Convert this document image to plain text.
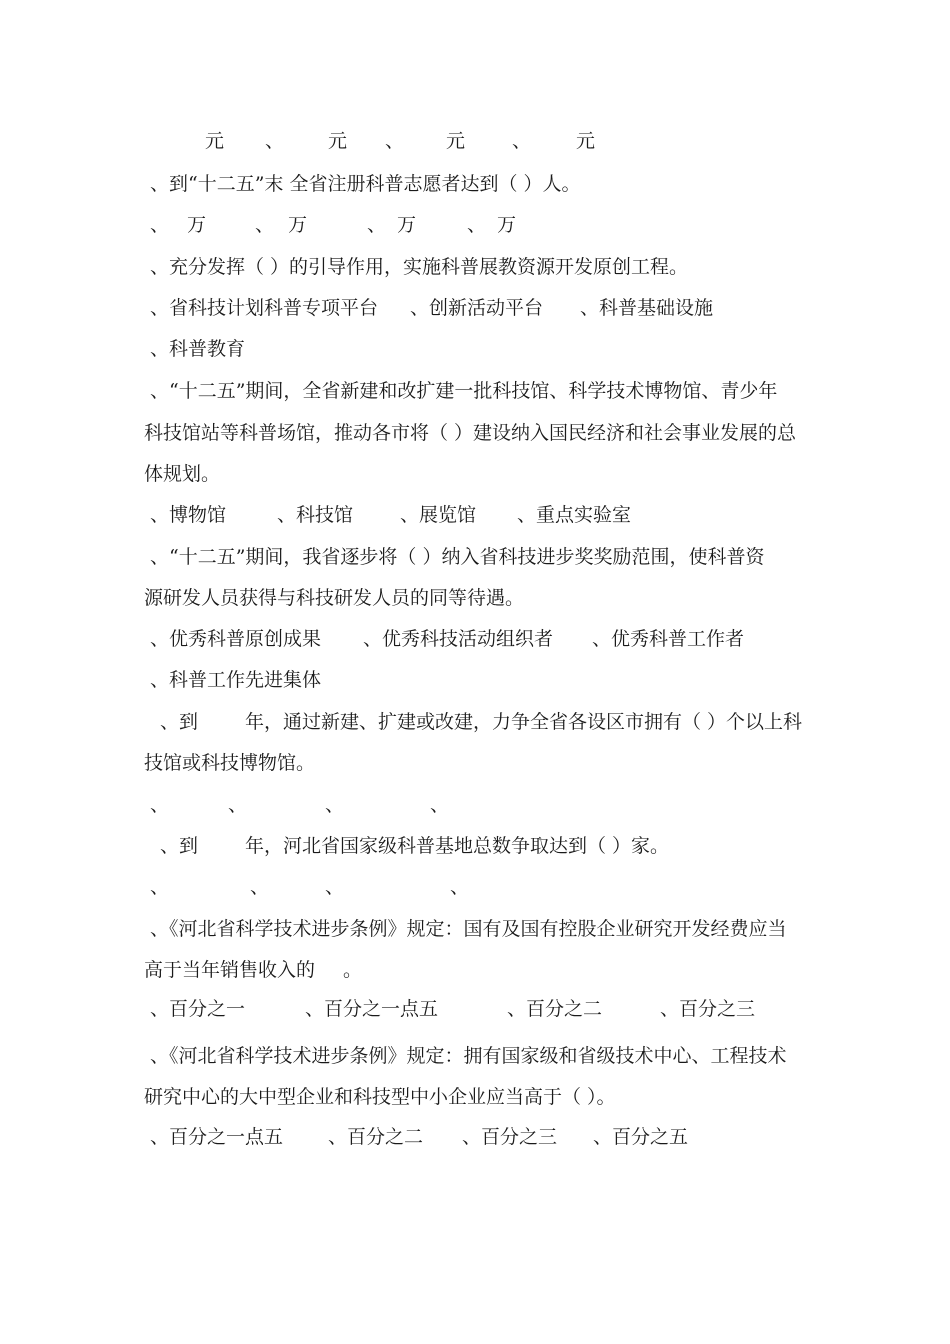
元 、 元 、 元 、 元
、到“十二五”末 全省注册科普志愿者达到（ ）人。
、 万	、 万	、 万	、 万
、充分发挥（ ）的引导作用，实施科普展教资源开发原创工程。
、省科技计划科普专项平台 、创新活动平台 、科普基础设施
、科普教育
、“十二五”期间，全省新建和改扩建一批科技馆、科学技术博物馆、青少年
科技馆站等科普场馆，推动各市将（ ）建设纳入国民经济和社会事业发展的总
体规划。
、博物馆	、科技馆 、展览馆 、重点实验室
、“十二五”期间，我省逐步将（ ）纳入省科技进步奖奖励范围，使科普资
源研发人员获得与科技研发人员的同等待遇。
、优秀科普原创成果 、优秀科技活动组织者 、优秀科普工作者
、科普工作先进集体
、到 年，通过新建、扩建或改建，力争全省各设区市拥有（ ）个以上科
技馆或科技博物馆。
、	、	、	、
、到 年，河北省国家级科普基地总数争取达到（ ）家。
、	、	、	、
、《河北省科学技术进步条例》规定：国有及国有控股企业研究开发经费应当
高于当年销售收入的 。
、百分之一	、百分之一点五	、百分之二	、百分之三
、《河北省科学技术进步条例》规定：拥有国家级和省级技术中心、工程技术
研究中心的大中型企业和科技型中小企业应当高于（ ）。
、百分之一点五 、百分之二 、百分之三 、百分之五
